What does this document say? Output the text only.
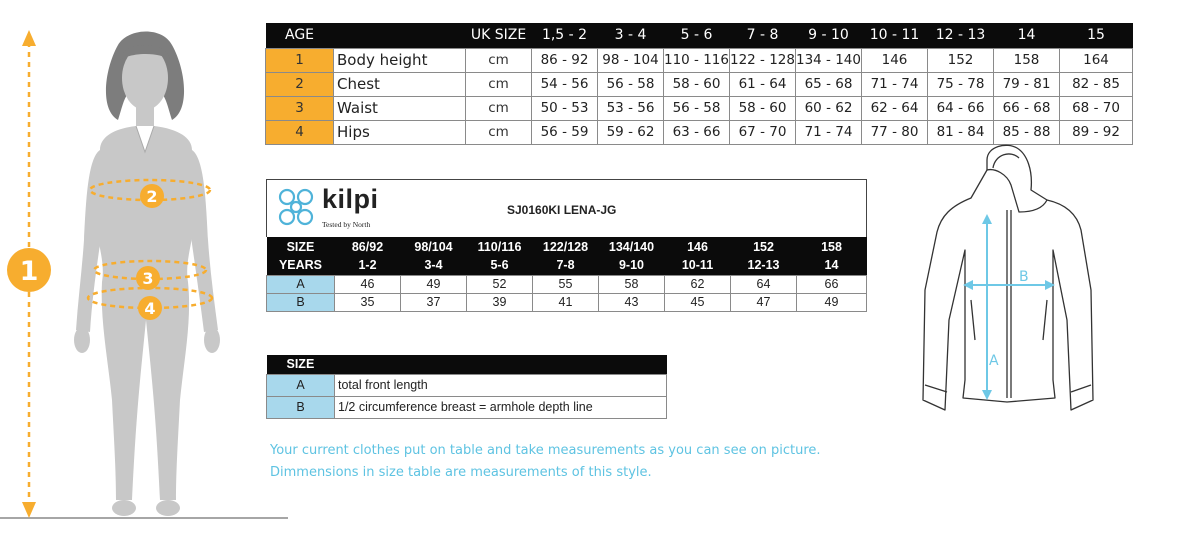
1
2
3
4
AGE		UK SIZE	1,5 - 2	3 - 4	5 - 6	7 - 8	9 - 10	10 - 11	12 - 13	14	15
1	Body height	cm	86 - 92	98 - 104	110 - 116	122 - 128	134 - 140	146	152	158	164
2	Chest	cm	54 - 56	56 - 58	58 - 60	61 - 64	65 - 68	71 - 74	75 - 78	79 - 81	82 - 85
3	Waist	cm	50 - 53	53 - 56	56 - 58	58 - 60	60 - 62	62 - 64	64 - 66	66 - 68	68 - 70
4	Hips	cm	56 - 59	59 - 62	63 - 66	67 - 70	71 - 74	77 - 80	81 - 84	85 - 88	89 - 92
kilpi
Tested by North
SJ0160KI LENA-JG								

SIZE	86/92	98/104	110/116	122/128	134/140	146	152	158
YEARS	1-2	3-4	5-6	7-8	9-10	10-11	12-13	14
A	46	49	52	55	58	62	64	66
B	35	37	39	41	43	45	47	49
SIZE	
A	total front length
B	1/2 circumference breast = armhole depth line
Your current clothes put on table and take measurements as you can see on picture.
Dimmensions in size table are measurements of this style.
A
B
